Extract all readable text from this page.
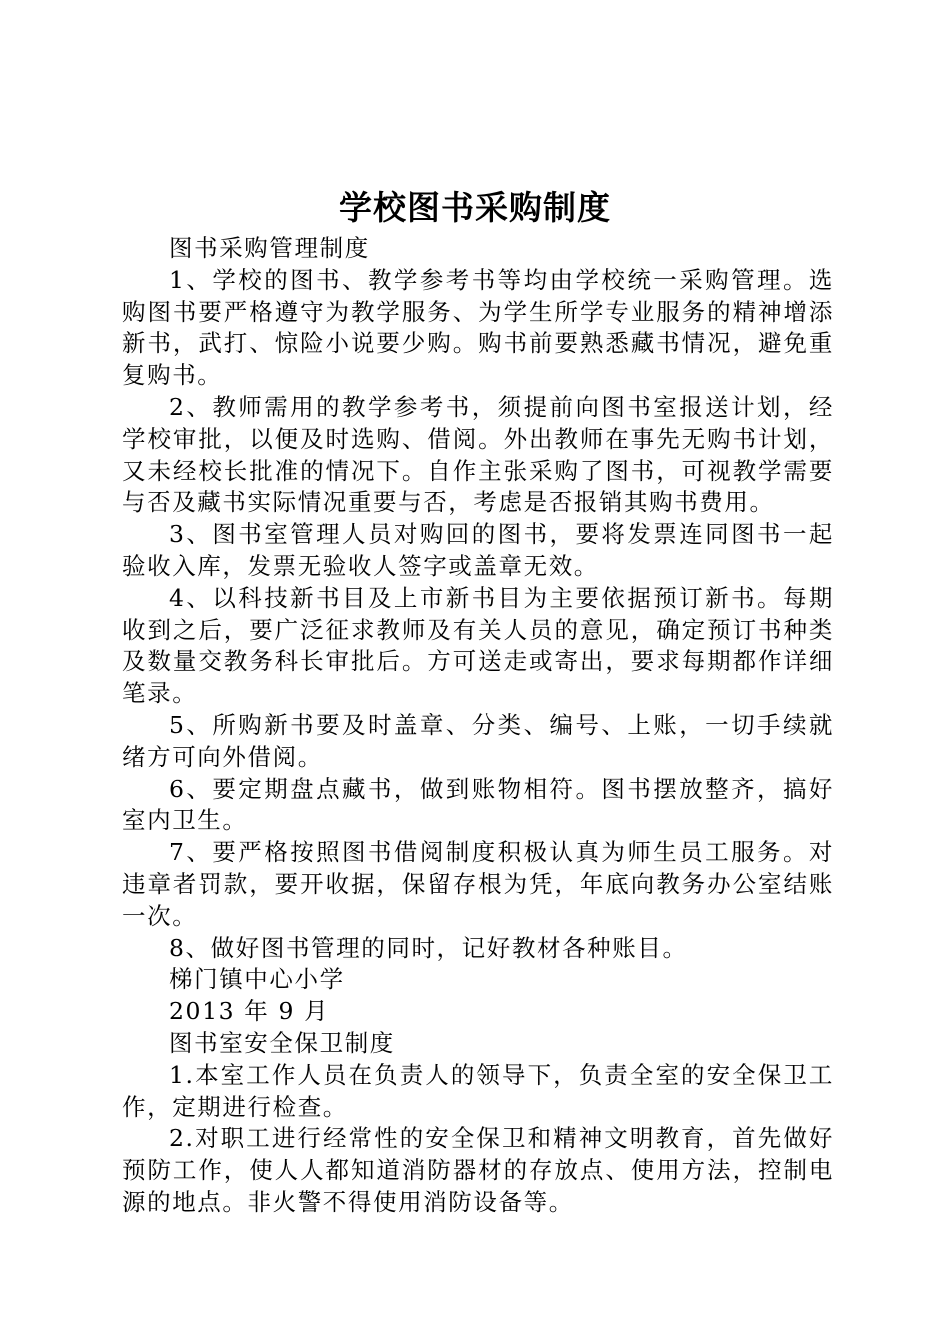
学校图书采购制度

图书采购管理制度

1、学校的图书、教学参考书等均由学校统一采购管理。选购图书要严格遵守为教学服务、为学生所学专业服务的精神增添新书，武打、惊险小说要少购。购书前要熟悉藏书情况，避免重复购书。

2、教师需用的教学参考书，须提前向图书室报送计划，经学校审批，以便及时选购、借阅。外出教师在事先无购书计划，又未经校长批准的情况下。自作主张采购了图书，可视教学需要与否及藏书实际情况重要与否，考虑是否报销其购书费用。

3、图书室管理人员对购回的图书，要将发票连同图书一起验收入库，发票无验收人签字或盖章无效。

4、以科技新书目及上市新书目为主要依据预订新书。每期收到之后，要广泛征求教师及有关人员的意见，确定预订书种类及数量交教务科长审批后。方可送走或寄出，要求每期都作详细笔录。

5、所购新书要及时盖章、分类、编号、上账，一切手续就绪方可向外借阅。

6、要定期盘点藏书，做到账物相符。图书摆放整齐，搞好室内卫生。

7、要严格按照图书借阅制度积极认真为师生员工服务。对违章者罚款，要开收据，保留存根为凭，年底向教务办公室结账一次。

8、做好图书管理的同时，记好教材各种账目。

梯门镇中心小学

2013 年 9 月

图书室安全保卫制度

1.本室工作人员在负责人的领导下，负责全室的安全保卫工作，定期进行检查。

2.对职工进行经常性的安全保卫和精神文明教育，首先做好预防工作，使人人都知道消防器材的存放点、使用方法，控制电源的地点。非火警不得使用消防设备等。
